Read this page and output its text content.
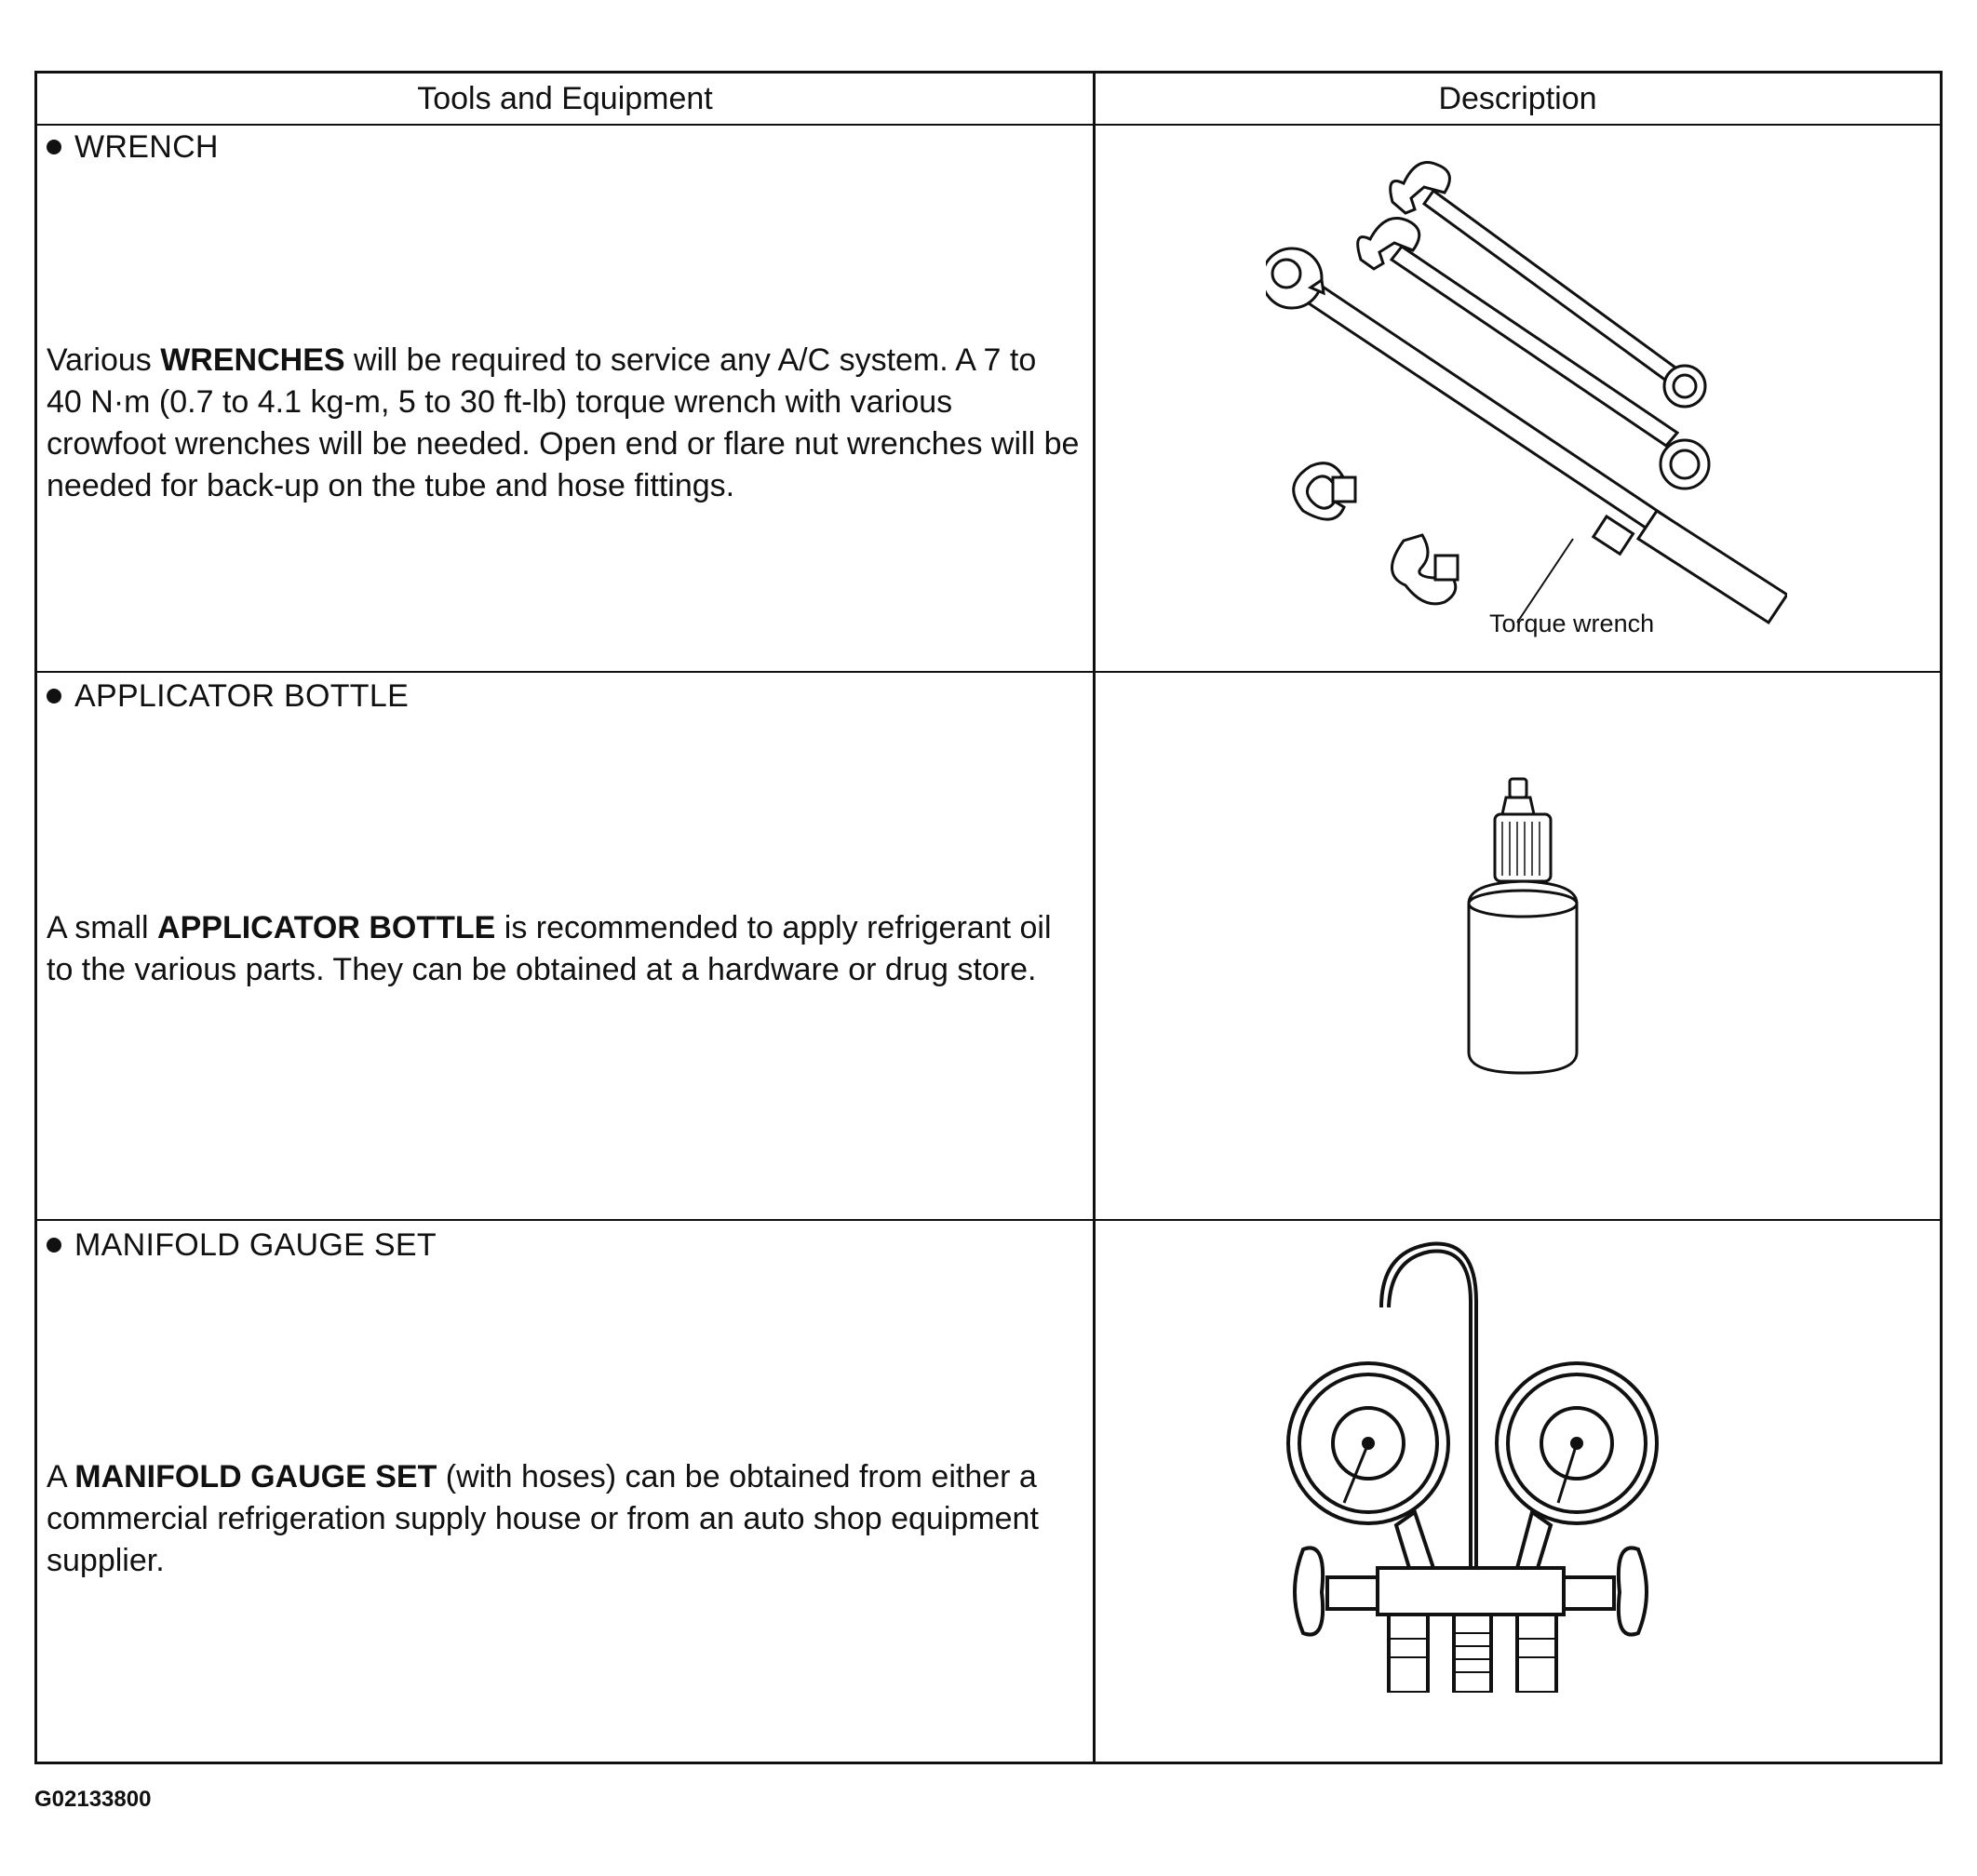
Tools and Equipment	Description
WRENCH
Various WRENCHES will be required to service any A/C system. A 7 to 40 N·m (0.7 to 4.1 kg-m, 5 to 30 ft-lb) torque wrench with various crowfoot wrenches will be needed. Open end or flare nut wrenches will be needed for back-up on the tube and hose fittings.
Torque wrench
APPLICATOR BOTTLE
A small APPLICATOR BOTTLE is recommended to apply refrigerant oil to the various parts. They can be obtained at a hardware or drug store.
MANIFOLD GAUGE SET
A MANIFOLD GAUGE SET (with hoses) can be obtained from either a commercial refrigeration supply house or from an auto shop equipment supplier.
G02133800
